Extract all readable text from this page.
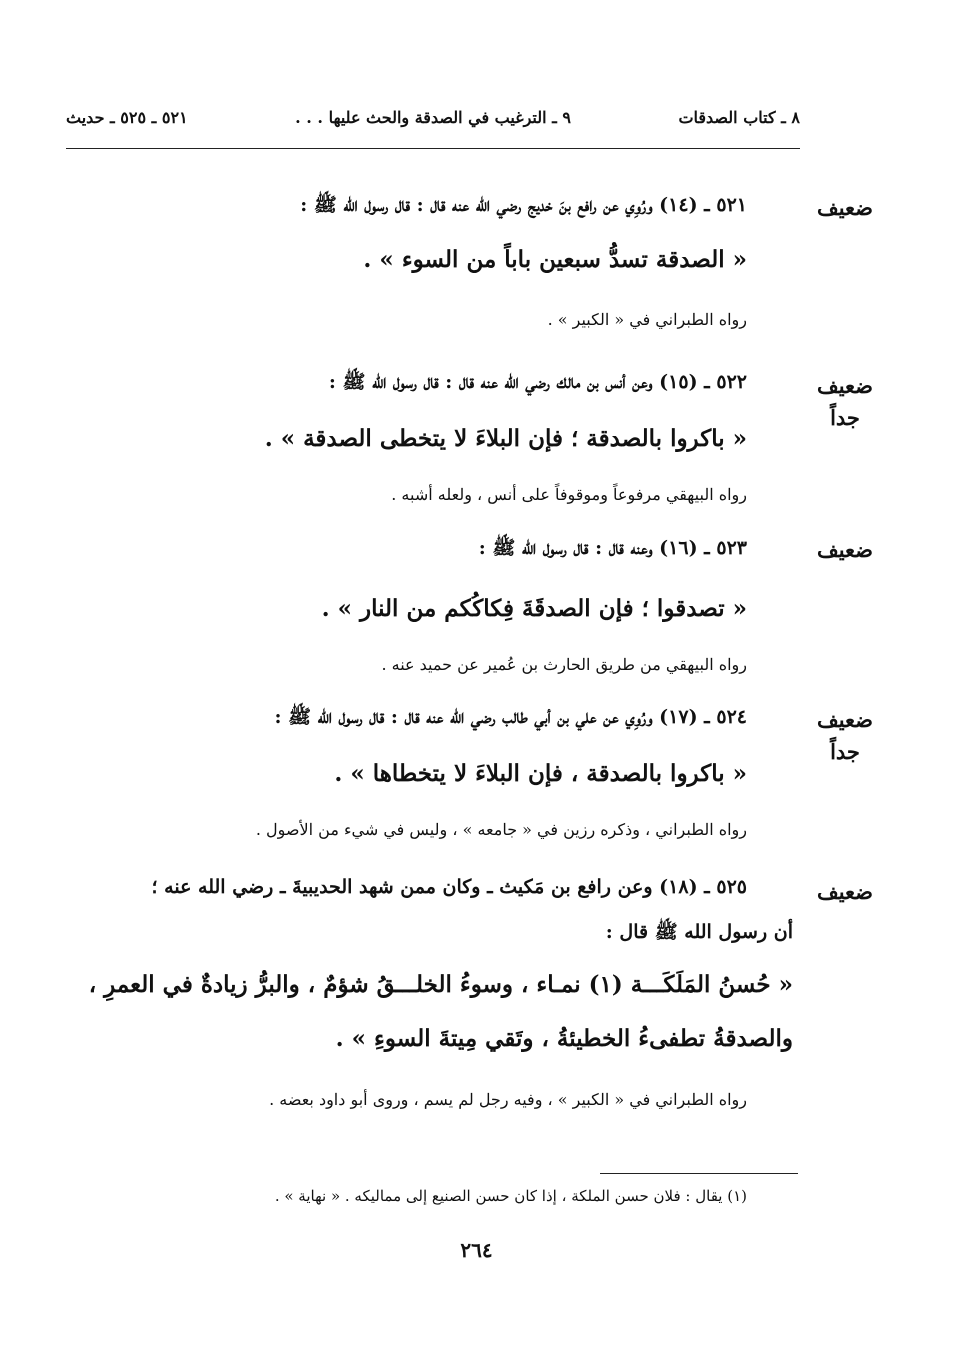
٨ ـ كتاب الصدقات
٩ ـ الترغيب في الصدقة والحث عليها . . .
٥٢١ ـ ٥٢٥ ـ حديث
ضعيف
٥٢١ ـ (١٤) ورُوِي عن رافع بنَ خديج رضي الله عنه قال : قال رسول الله ﷺ :
« الصدقة تسدُّ سبعين باباً من السوء » .
رواه الطبراني في « الكبير » .
ضعيف
جداً
٥٢٢ ـ (١٥) وعن أنس بن مالك رضي الله عنه قال : قال رسول الله ﷺ :
« باكروا بالصدقة ؛ فإن البلاءَ لا يتخطى الصدقة » .
رواه البيهقي مرفوعاً وموقوفاً على أنس ، ولعله أشبه .
ضعيف
٥٢٣ ـ (١٦) وعنه قال : قال رسول الله ﷺ :
« تصدقوا ؛ فإن الصدقَةَ فِكاكُكم من النار » .
رواه البيهقي من طريق الحارث بن عُمير عن حميد عنه .
ضعيف
جداً
٥٢٤ ـ (١٧) ورُوِي عن علي بن أبي طالب رضي الله عنه قال : قال رسول الله ﷺ :
« باكروا بالصدقة ، فإن البلاءَ لا يتخطاها » .
رواه الطبراني ، وذكره رزين في « جامعه » ، وليس في شيء من الأصول .
ضعيف
٥٢٥ ـ (١٨) وعن رافع بن مَكيث ـ وكان ممن شهد الحديبيةَ ـ رضي الله عنه ؛
أن رسول الله ﷺ قال :
« حُسنُ المَلَكَـــة (١) نمـاء ، وسوءُ الخلـــقُ شؤمٌ ، والبرُّ زيادةٌ في العمرِ ،
والصدقةُ تطفىءُ الخطيئةُ ، وتَقي مِيتةَ السوءِ » .
رواه الطبراني في « الكبير » ، وفيه رجل لم يسم ، وروى أبو داود بعضه .
(١) يقال : فلان حسن الملكة ، إذا كان حسن الصنيع إلى مماليكه . « نهاية » .
٢٦٤
